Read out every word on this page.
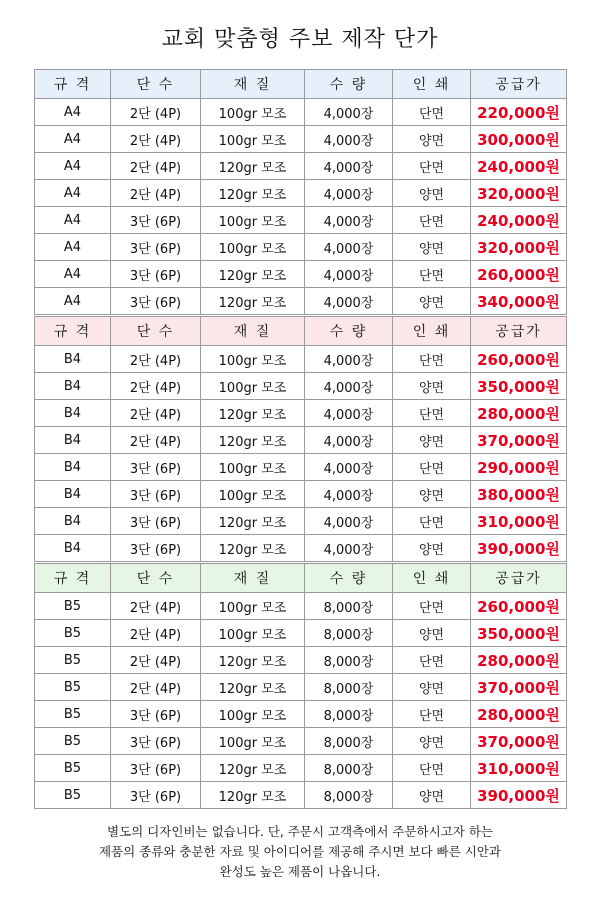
교회 맞춤형 주보 제작 단가
규 격	단 수	재 질	수 량	인 쇄	공급가
A4	2단 (4P)	100gr 모조	4,000장	단면	220,000원
A4	2단 (4P)	100gr 모조	4,000장	양면	300,000원
A4	2단 (4P)	120gr 모조	4,000장	단면	240,000원
A4	2단 (4P)	120gr 모조	4,000장	양면	320,000원
A4	3단 (6P)	100gr 모조	4,000장	단면	240,000원
A4	3단 (6P)	100gr 모조	4,000장	양면	320,000원
A4	3단 (6P)	120gr 모조	4,000장	단면	260,000원
A4	3단 (6P)	120gr 모조	4,000장	양면	340,000원
규 격	단 수	재 질	수 량	인 쇄	공급가
B4	2단 (4P)	100gr 모조	4,000장	단면	260,000원
B4	2단 (4P)	100gr 모조	4,000장	양면	350,000원
B4	2단 (4P)	120gr 모조	4,000장	단면	280,000원
B4	2단 (4P)	120gr 모조	4,000장	양면	370,000원
B4	3단 (6P)	100gr 모조	4,000장	단면	290,000원
B4	3단 (6P)	100gr 모조	4,000장	양면	380,000원
B4	3단 (6P)	120gr 모조	4,000장	단면	310,000원
B4	3단 (6P)	120gr 모조	4,000장	양면	390,000원
규 격	단 수	재 질	수 량	인 쇄	공급가
B5	2단 (4P)	100gr 모조	8,000장	단면	260,000원
B5	2단 (4P)	100gr 모조	8,000장	양면	350,000원
B5	2단 (4P)	120gr 모조	8,000장	단면	280,000원
B5	2단 (4P)	120gr 모조	8,000장	양면	370,000원
B5	3단 (6P)	100gr 모조	8,000장	단면	280,000원
B5	3단 (6P)	100gr 모조	8,000장	양면	370,000원
B5	3단 (6P)	120gr 모조	8,000장	단면	310,000원
B5	3단 (6P)	120gr 모조	8,000장	양면	390,000원
별도의 디자인비는 없습니다. 단, 주문시 고객측에서 주문하시고자 하는
제품의 종류와 충분한 자료 및 아이디어를 제공해 주시면 보다 빠른 시안과
완성도 높은 제품이 나옵니다.
